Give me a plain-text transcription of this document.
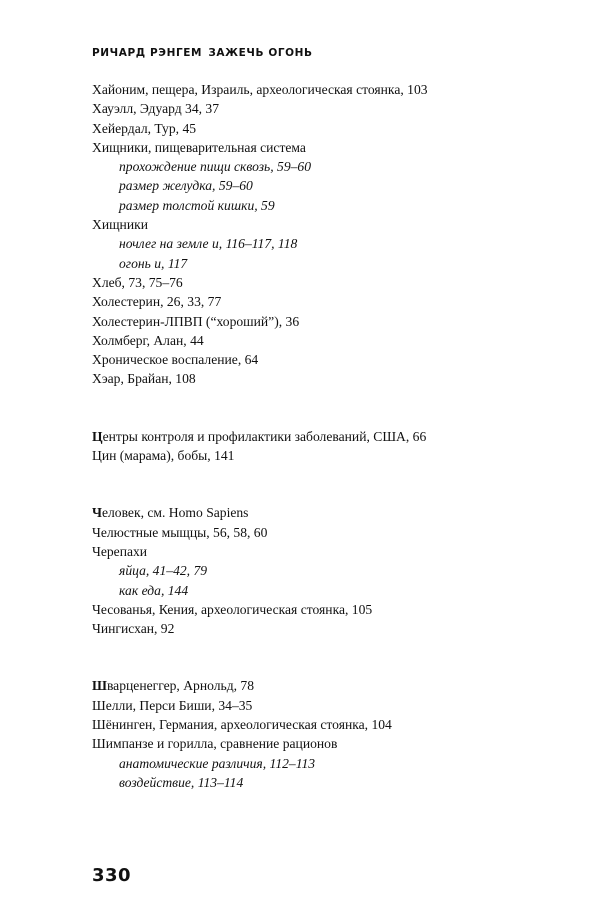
РИЧАРД РЭНГЕМ ЗАЖЕЧЬ ОГОНЬ
Хайоним, пещера, Израиль, археологическая стоянка, 103
Хауэлл, Эдуард 34, 37
Хейердал, Тур, 45
Хищники, пищеварительная система
прохождение пищи сквозь, 59–60
размер желудка, 59–60
размер толстой кишки, 59
Хищники
ночлег на земле и, 116–117, 118
огонь и, 117
Хлеб, 73, 75–76
Холестерин, 26, 33, 77
Холестерин-ЛПВП (“хороший”), 36
Холмберг, Алан, 44
Хроническое воспаление, 64
Хэар, Брайан, 108
Центры контроля и профилактики заболеваний, США, 66
Цин (марама), бобы, 141
Человек, см. Homo Sapiens
Челюстные мыщцы, 56, 58, 60
Черепахи
яйца, 41–42, 79
как еда, 144
Чесованья, Кения, археологическая стоянка, 105
Чингисхан, 92
Шварценеггер, Арнольд, 78
Шелли, Перси Биши, 34–35
Шёнинген, Германия, археологическая стоянка, 104
Шимпанзе и горилла, сравнение рационов
анатомические различия, 112–113
воздействие, 113–114
330
